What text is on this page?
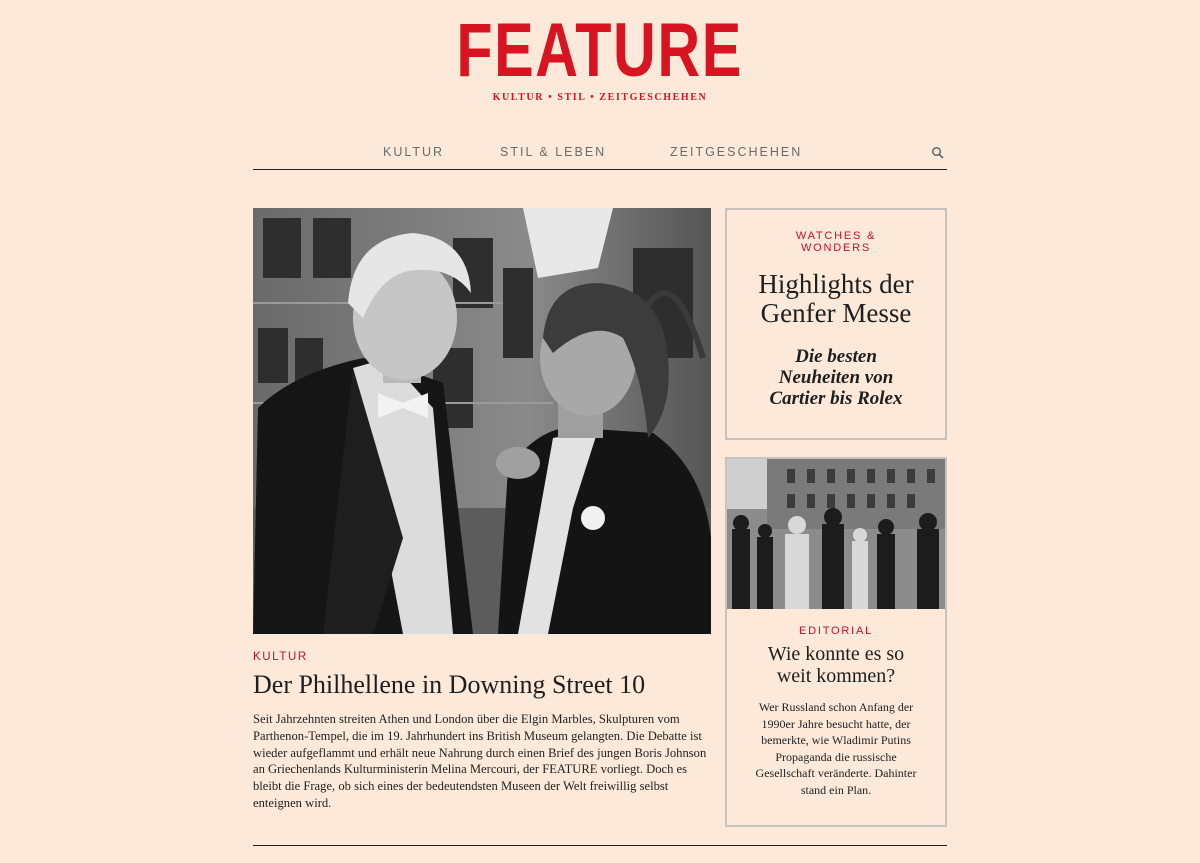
FEATURE
KULTUR • STIL • ZEITGESCHEHEN
KULTUR	STIL & LEBEN	ZEITGESCHEHEN
KULTUR
Der Philhellene in Downing Street 10

Seit Jahrzehnten streiten Athen und London über die Elgin Marbles, Skulpturen vom Parthenon-Tempel, die im 19. Jahrhundert ins British Museum gelangten. Die Debatte ist wieder aufgeflammt und erhält neue Nahrung durch einen Brief des jungen Boris Johnson an Griechenlands Kulturministerin Melina Mercouri, der FEATURE vorliegt. Doch es bleibt die Frage, ob sich eines der bedeutendsten Museen der Welt freiwillig selbst enteignen wird.

WATCHES &
WONDERS
Highlights der
Genfer Messe
Die besten
Neuheiten von
Cartier bis Rolex
EDITORIAL
Wie konnte es so
weit kommen?

Wer Russland schon Anfang der
1990er Jahre besucht hatte, der
bemerkte, wie Wladimir Putins
Propaganda die russische
Gesellschaft veränderte. Dahinter
stand ein Plan.
